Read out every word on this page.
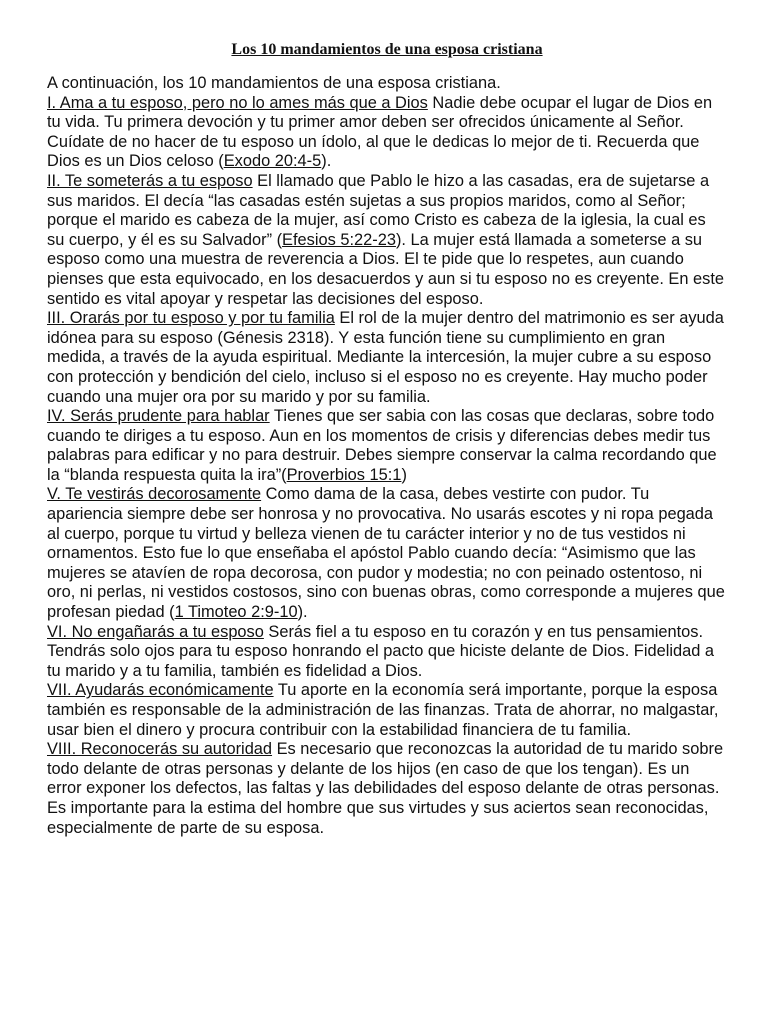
Los 10 mandamientos de una esposa cristiana

A continuación, los 10 mandamientos de una esposa cristiana.

I. Ama a tu esposo, pero no lo ames más que a Dios Nadie debe ocupar el lugar de Dios en tu vida. Tu primera devoción y tu primer amor deben ser ofrecidos únicamente al Señor. Cuídate de no hacer de tu esposo un ídolo, al que le dedicas lo mejor de ti. Recuerda que Dios es un Dios celoso (Exodo 20:4-5).

II. Te someterás a tu esposo El llamado que Pablo le hizo a las casadas, era de sujetarse a sus maridos. El decía “las casadas estén sujetas a sus propios maridos, como al Señor; porque el marido es cabeza de la mujer, así como Cristo es cabeza de la iglesia, la cual es su cuerpo, y él es su Salvador” (Efesios 5:22-23). La mujer está llamada a someterse a su esposo como una muestra de reverencia a Dios. El te pide que lo respetes, aun cuando pienses que esta equivocado, en los desacuerdos y aun si tu esposo no es creyente. En este sentido es vital apoyar y respetar las decisiones del esposo.

III. Orarás por tu esposo y por tu familia El rol de la mujer dentro del matrimonio es ser ayuda idónea para su esposo (Génesis 2318). Y esta función tiene su cumplimiento en gran medida, a través de la ayuda espiritual. Mediante la intercesión, la mujer cubre a su esposo con protección y bendición del cielo, incluso si el esposo no es creyente. Hay mucho poder cuando una mujer ora por su marido y por su familia.

IV. Serás prudente para hablar Tienes que ser sabia con las cosas que declaras, sobre todo cuando te diriges a tu esposo. Aun en los momentos de crisis y diferencias debes medir tus palabras para edificar y no para destruir. Debes siempre conservar la calma recordando que la “blanda respuesta quita la ira”(Proverbios 15:1)

V. Te vestirás decorosamente Como dama de la casa, debes vestirte con pudor. Tu apariencia siempre debe ser honrosa y no provocativa. No usarás escotes y ni ropa pegada al cuerpo, porque tu virtud y belleza vienen de tu carácter interior y no de tus vestidos ni ornamentos. Esto fue lo que enseñaba el apóstol Pablo cuando decía: “Asimismo que las mujeres se atavíen de ropa decorosa, con pudor y modestia; no con peinado ostentoso, ni oro, ni perlas, ni vestidos costosos, sino con buenas obras, como corresponde a mujeres que profesan piedad (1 Timoteo 2:9-10).

VI. No engañarás a tu esposo Serás fiel a tu esposo en tu corazón y en tus pensamientos. Tendrás solo ojos para tu esposo honrando el pacto que hiciste delante de Dios. Fidelidad a tu marido y a tu familia, también es fidelidad a Dios.

VII. Ayudarás económicamente Tu aporte en la economía será importante, porque la esposa también es responsable de la administración de las finanzas. Trata de ahorrar, no malgastar, usar bien el dinero y procura contribuir con la estabilidad financiera de tu familia.

VIII. Reconocerás su autoridad Es necesario que reconozcas la autoridad de tu marido sobre todo delante de otras personas y delante de los hijos (en caso de que los tengan). Es un error exponer los defectos, las faltas y las debilidades del esposo delante de otras personas. Es importante para la estima del hombre que sus virtudes y sus aciertos sean reconocidas, especialmente de parte de su esposa.
